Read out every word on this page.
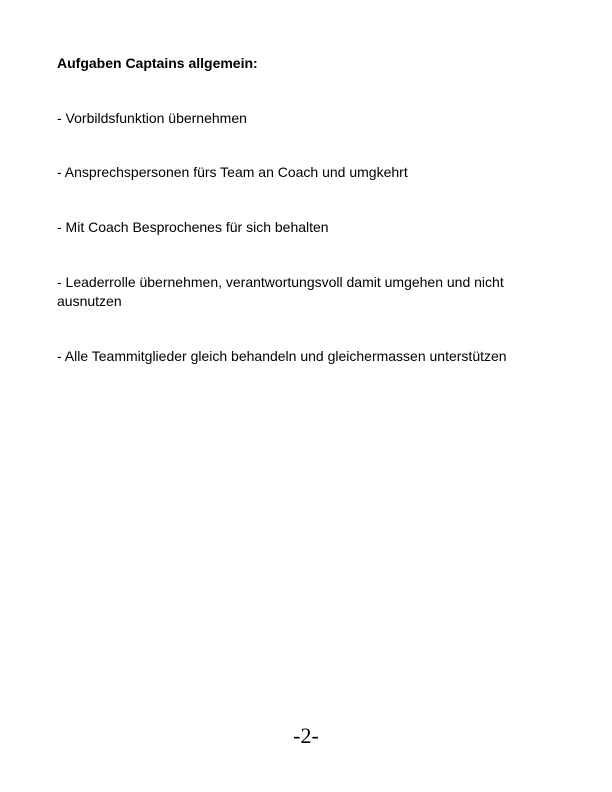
Aufgaben Captains allgemein:
- Vorbildsfunktion übernehmen
- Ansprechspersonen fürs Team an Coach und umgkehrt
- Mit Coach Besprochenes für sich behalten
- Leaderrolle übernehmen, verantwortungsvoll damit umgehen und nicht ausnutzen
- Alle Teammitglieder gleich behandeln und gleichermassen unterstützen
-2-
